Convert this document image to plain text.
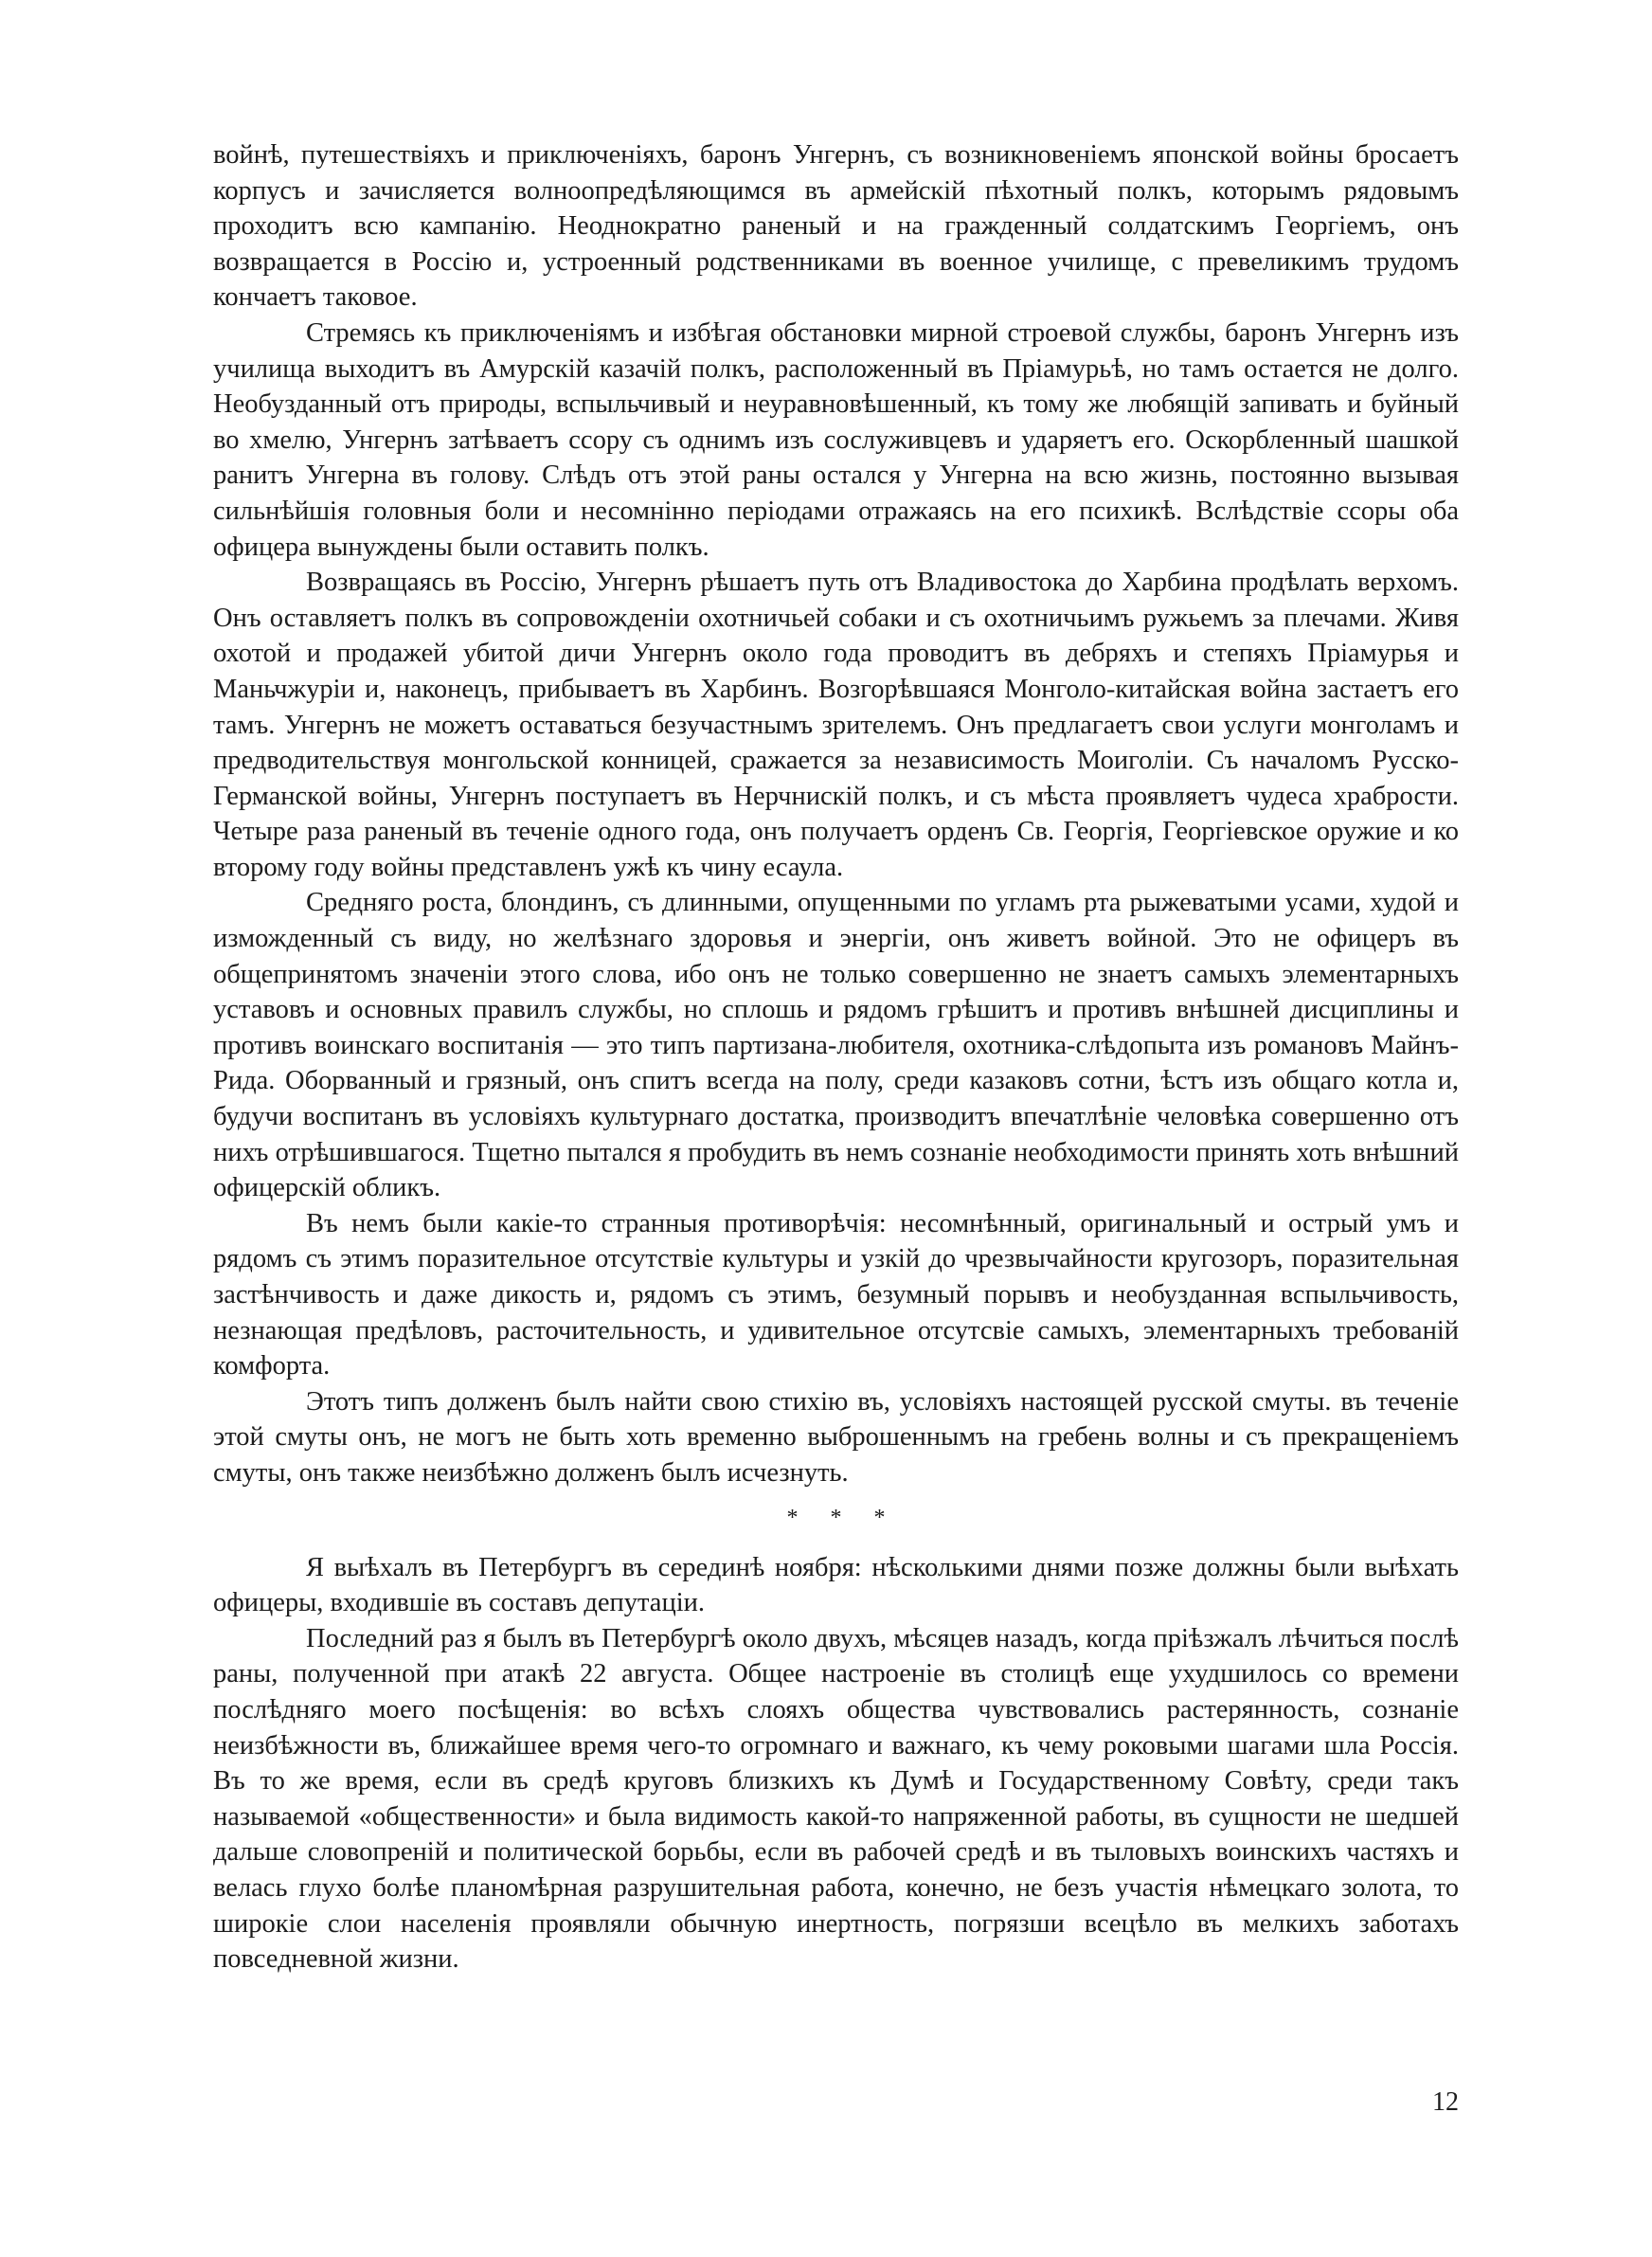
войнѣ, путешествіяхъ и приключеніяхъ, баронъ Унгернъ, съ возникновеніемъ японской войны бросаетъ корпусъ и зачисляется волноопредѣляющимся въ армейскій пѣхотный полкъ, которымъ рядовымъ проходитъ всю кампанію. Неоднократно раненый и на гражденный солдатскимъ Георгіемъ, онъ возвращается в Россію и, устроенный родственниками въ военное училище, с превеликимъ трудомъ кончаетъ таковое.

Стремясь къ приключеніямъ и избѣгая обстановки мирной строевой службы, баронъ Унгернъ изъ училища выходитъ въ Амурскій казачій полкъ, расположенный въ Пріамурьѣ, но тамъ остается не долго. Необузданный отъ природы, вспыльчивый и неуравновѣшенный, къ тому же любящій запивать и буйный во хмелю, Унгернъ затѣваетъ ссору съ однимъ изъ сослуживцевъ и ударяетъ его. Оскорбленный шашкой ранитъ Унгерна въ голову. Слѣдъ отъ этой раны остался у Унгерна на всю жизнь, постоянно вызывая сильнѣйшія головныя боли и несомнінно періодами отражаясь на его психикѣ. Вслѣдствіе ссоры оба офицера вынуждены были оставить полкъ.

Возвращаясь въ Россію, Унгернъ рѣшаетъ путь отъ Владивостока до Харбина продѣлать верхомъ. Онъ оставляетъ полкъ въ сопровожденіи охотничьей собаки и съ охотничьимъ ружьемъ за плечами. Живя охотой и продажей убитой дичи Унгернъ около года проводитъ въ дебряхъ и степяхъ Пріамурья и Маньчжуріи и, наконецъ, прибываетъ въ Харбинъ. Возгорѣвшаяся Монголо-китайская война застаетъ его тамъ. Унгернъ не можетъ оставаться безучастнымъ зрителемъ. Онъ предлагаетъ свои услуги монголамъ и предводительствуя монгольской конницей, сражается за независимость Моиголіи. Съ началомъ Русско-Германской войны, Унгернъ поступаетъ въ Нерчнискій полкъ, и съ мѣста проявляетъ чудеса храбрости. Четыре раза раненый въ теченіе одного года, онъ получаетъ орденъ Св. Георгія, Георгіевское оружие и ко второму году войны представленъ ужѣ къ чину есаула.

Средняго роста, блондинъ, съ длинными, опущенными по угламъ рта рыжеватыми усами, худой и изможденный съ виду, но желѣзнаго здоровья и энергіи, онъ живетъ войной. Это не офицеръ въ общепринятомъ значеніи этого слова, ибо онъ не только совершенно не знаетъ самыхъ элементарныхъ уставовъ и основных правилъ службы, но сплошь и рядомъ грѣшитъ и противъ внѣшней дисциплины и противъ воинскаго воспитанія — это типъ партизана-любителя, охотника-слѣдопыта изъ романовъ Майнъ-Рида. Оборванный и грязный, онъ спитъ всегда на полу, среди казаковъ сотни, ѣстъ изъ общаго котла и, будучи воспитанъ въ условіяхъ культурнаго достатка, производитъ впечатлѣніе человѣка совершенно отъ нихъ отрѣшившагося. Тщетно пытался я пробудить въ немъ сознаніе необходимости принять хоть внѣшний офицерскій обликъ.

Въ немъ были какіе-то странныя противорѣчія: несомнѣнный, оригинальный и острый умъ и рядомъ съ этимъ поразительное отсутствіе культуры и узкій до чрезвычайности кругозоръ, поразительная застѣнчивость и даже дикость и, рядомъ съ этимъ, безумный порывъ и необузданная вспыльчивость, незнающая предѣловъ, расточительность, и удивительное отсутсвіе самыхъ, элементарныхъ требованій комфорта.

Этотъ типъ долженъ былъ найти свою стихію въ, условіяхъ настоящей русской смуты. въ теченіе этой смуты онъ, не могъ не быть хоть временно выброшеннымъ на гребень волны и съ прекращеніемъ смуты, онъ также неизбѣжно долженъ былъ исчезнуть.

* * *

Я выѣхалъ въ Петербургъ въ серединѣ ноября: нѣсколькими днями позже должны были выѣхать офицеры, входившіе въ составъ депутаціи.

Последний раз я былъ въ Петербургѣ около двухъ, мѣсяцев назадъ, когда пріѣзжалъ лѣчиться послѣ раны, полученной при атакѣ 22 августа. Общее настроеніе въ столицѣ еще ухудшилось со времени послѣдняго моего посѣщенія: во всѣхъ слояхъ общества чувствовались растерянность, сознаніе неизбѣжности въ, ближайшее время чего-то огромнаго и важнаго, къ чему роковыми шагами шла Россія. Въ то же время, если въ средѣ круговъ близкихъ къ Думѣ и Государственному Совѣту, среди такъ называемой «общественности» и была видимость какой-то напряженной работы, въ сущности не шедшей дальше словопреній и политической борьбы, если въ рабочей средѣ и въ тыловыхъ воинскихъ частяхъ и велась глухо болѣе планомѣрная разрушительная работа, конечно, не безъ участія нѣмецкаго золота, то широкіе слои населенія проявляли обычную инертность, погрязши всецѣло въ мелкихъ заботахъ повседневной жизни.

12
